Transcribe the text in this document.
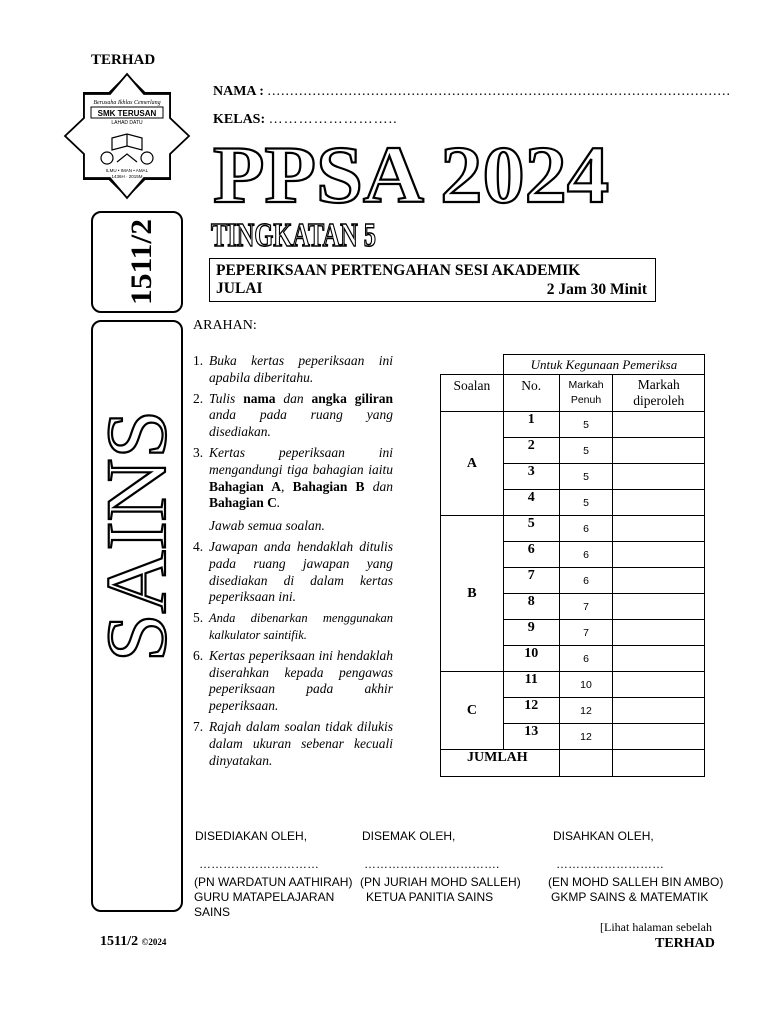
TERHAD
Berusaha Ikhlas Cemerlang
SMK TERUSAN
LAHAD DATU
ILMU • IMAN • AMAL
1436H · 2015M
NAMA : .......................................................................................................
KELAS: ……………………..
PPSA 2024
TINGKATAN 5
PEPERIKSAAN PERTENGAHAN SESI AKADEMIK
JULAI	2 Jam 30 Minit
1511/2
SAINS
ARAHAN:
1. Buka kertas peperiksaan ini apabila diberitahu.
2. Tulis nama dan angka giliran anda pada ruang yang disediakan.
3. Kertas peperiksaan ini mengandungi tiga bahagian iaitu Bahagian A, Bahagian B dan Bahagian C.
Jawab semua soalan.
4. Jawapan anda hendaklah ditulis pada ruang jawapan yang disediakan di dalam kertas peperiksaan ini.
5. Anda dibenarkan menggunakan kalkulator saintifik.
6. Kertas peperiksaan ini hendaklah diserahkan kepada pengawas peperiksaan pada akhir peperiksaan.
7. Rajah dalam soalan tidak dilukis dalam ukuran sebenar kecuali dinyatakan.
	Untuk Kegunaan Pemeriksa		
Soalan	No.	Markah Penuh	Markah diperoleh
A	1	5	
	2	5	
	3	5	
	4	5	
B	5	6	
	6	6	
	7	6	
	8	7	
	9	7	
	10	6	
C	11	10	
	12	12	
	13	12	
JUMLAH			
DISEDIAKAN OLEH,	DISEMAK OLEH,	DISAHKAN OLEH,
…………………………	…………………………….	………………………
(PN WARDATUN AATHIRAH) (PN JURIAH MOHD SALLEH) (EN MOHD SALLEH BIN AMBO)
GURU MATAPELAJARAN	KETUA PANITIA SAINS	GKMP SAINS & MATEMATIK
SAINS
[Lihat halaman sebelah
1511/2 ©2024	TERHAD
